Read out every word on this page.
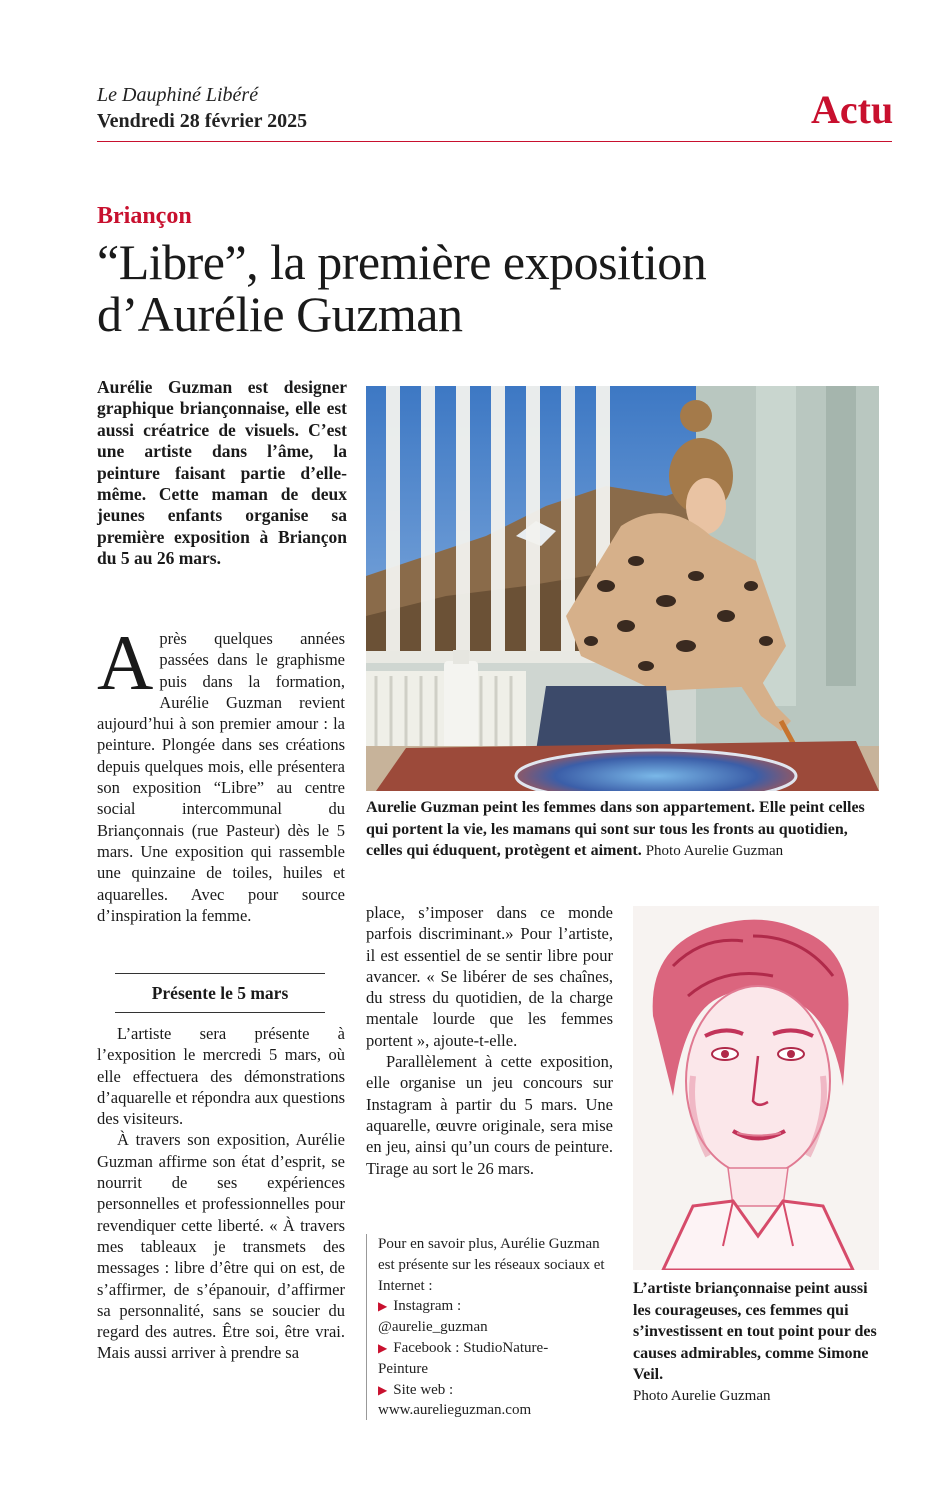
Le Dauphiné Libéré
Vendredi 28 février 2025	Actu
Briançon
“Libre”, la première exposition d’Aurélie Guzman
Aurélie Guzman est designer graphique briançonnaise, elle est aussi créatrice de visuels. C’est une artiste dans l’âme, la peinture faisant partie d’elle-même. Cette maman de deux jeunes enfants organise sa première exposition à Briançon du 5 au 26 mars.
Après quelques années passées dans le graphisme puis dans la formation, Aurélie Guzman revient aujourd’hui à son premier amour : la peinture. Plongée dans ses créations depuis quelques mois, elle présentera son exposition “Libre” au centre social intercommunal du Briançonnais (rue Pasteur) dès le 5 mars. Une exposition qui rassemble une quinzaine de toiles, huiles et aquarelles. Avec pour source d’inspiration la femme.
Présente le 5 mars

L’artiste sera présente à l’exposition le mercredi 5 mars, où elle effectuera des démonstrations d’aquarelle et répondra aux questions des visiteurs.

À travers son exposition, Aurélie Guzman affirme son état d’esprit, se nourrit de ses expériences personnelles et professionnelles pour revendiquer cette liberté. « À travers mes tableaux je transmets des messages : libre d’être qui on est, de s’affirmer, de s’épanouir, d’affirmer sa personnalité, sans se soucier du regard des autres. Être soi, être vrai. Mais aussi arriver à prendre sa

place, s’imposer dans ce monde parfois discriminant.» Pour l’artiste, il est essentiel de se sentir libre pour avancer. « Se libérer de ses chaînes, du stress du quotidien, de la charge mentale lourde que les femmes portent », ajoute-t-elle.

Parallèlement à cette exposition, elle organise un jeu concours sur Instagram à partir du 5 mars. Une aquarelle, œuvre originale, sera mise en jeu, ainsi qu’un cours de peinture. Tirage au sort le 26 mars.

Pour en savoir plus, Aurélie Guzman est présente sur les réseaux sociaux et Internet :
▶ Instagram :
@aurelie_guzman
▶ Facebook : StudioNature-
Peinture
▶ Site web :
www.aurelieguzman.com
Aurelie Guzman peint les femmes dans son appartement. Elle peint celles qui portent la vie, les mamans qui sont sur tous les fronts au quotidien, celles qui éduquent, protègent et aiment. Photo Aurelie Guzman
L’artiste briançonnaise peint aussi les courageuses, ces femmes qui s’investissent en tout point pour des causes admirables, comme Simone Veil.
Photo Aurelie Guzman
